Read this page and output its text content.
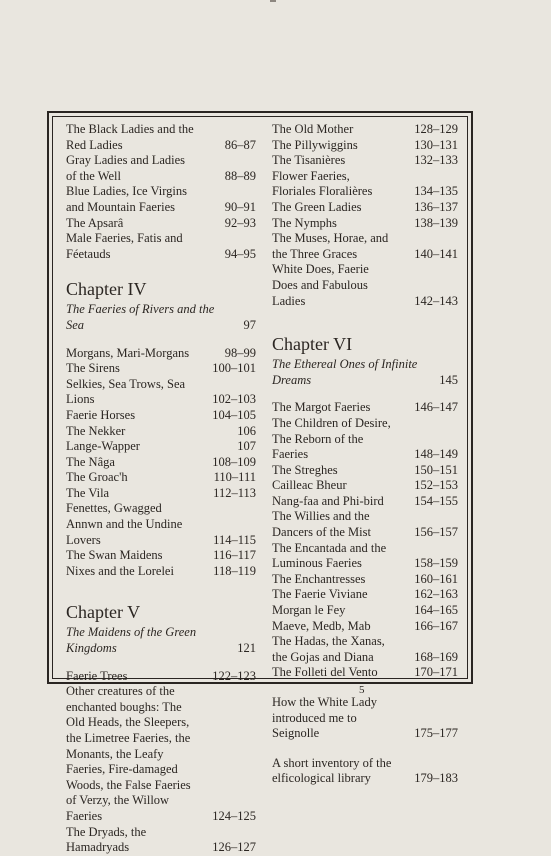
The Black Ladies and the Red Ladies	86–87
Gray Ladies and Ladies of the Well	88–89
Blue Ladies, Ice Virgins and Mountain Faeries	90–91
The Apsarâ	92–93
Male Faeries, Fatis and Féetauds	94–95
Chapter IV
The Faeries of Rivers and the Sea	97
Morgans, Mari-Morgans	98–99
The Sirens	100–101
Selkies, Sea Trows, Sea Lions	102–103
Faerie Horses	104–105
The Nekker	106
Lange-Wapper	107
The Nâga	108–109
The Groac'h	110–111
The Vila	112–113
Fenettes, Gwagged Annwn and the Undine Lovers	114–115
The Swan Maidens	116–117
Nixes and the Lorelei	118–119
Chapter V
The Maidens of the Green Kingdoms	121
Faerie Trees	122–123
Other creatures of the enchanted boughs: The Old Heads, the Sleepers, the Limetree Faeries, the Monants, the Leafy Faeries, Fire-damaged Woods, the False Faeries of Verzy, the Willow Faeries	124–125
The Dryads, the Hamadryads	126–127
The Old Mother	128–129
The Pillywiggins	130–131
The Tisanières	132–133
Flower Faeries, Floriales Floralières	134–135
The Green Ladies	136–137
The Nymphs	138–139
The Muses, Horae, and the Three Graces	140–141
White Does, Faerie Does and Fabulous Ladies	142–143
Chapter VI
The Ethereal Ones of Infinite Dreams	145
The Margot Faeries	146–147
The Children of Desire, The Reborn of the Faeries	148–149
The Streghes	150–151
Cailleac Bheur	152–153
Nang-faa and Phi-bird	154–155
The Willies and the Dancers of the Mist	156–157
The Encantada and the Luminous Faeries	158–159
The Enchantresses	160–161
The Faerie Viviane	162–163
Morgan le Fey	164–165
Maeve, Medb, Mab	166–167
The Hadas, the Xanas, the Gojas and Diana	168–169
The Folleti del Vento	170–171
How the White Lady introduced me to Seignolle	175–177
A short inventory of the elficological library	179–183
5
